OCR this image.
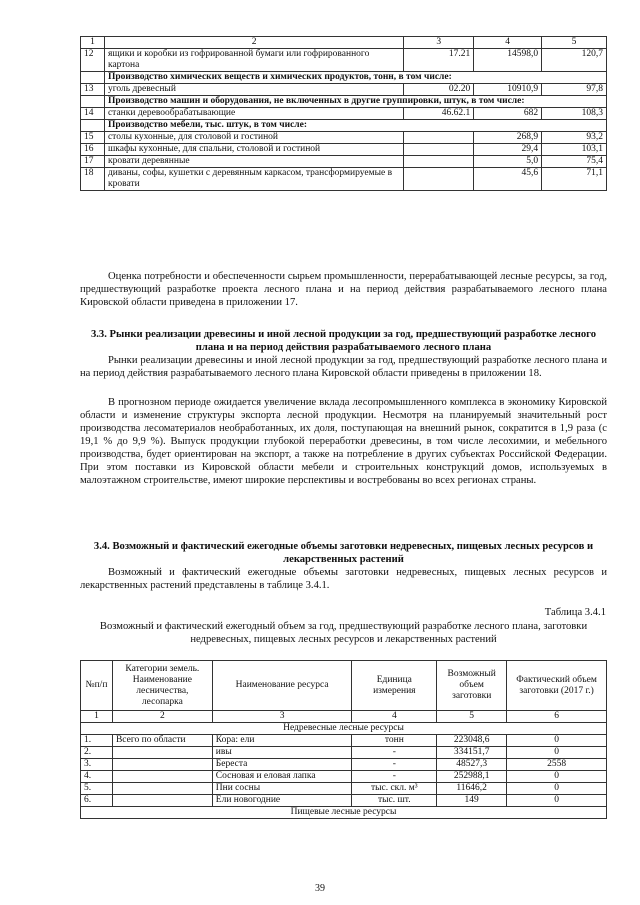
1	2	3	4	5
12	ящики и коробки из гофрированной бумаги или гофрированного картона	17.21	14598,0	120,7
	Производство химических веществ и химических продуктов, тонн, в том числе:			
13	уголь древесный	02.20	10910,9	97,8
	Производство машин и оборудования, не включенных в другие группировки, штук, в том числе:			
14	станки деревообрабатывающие	46.62.1	682	108,3
	Производство мебели, тыс. штук, в том числе:			
15	столы кухонные, для столовой и гостиной		268,9	93,2
16	шкафы кухонные, для спальни, столовой и гостиной		29,4	103,1
17	кровати деревянные		5,0	75,4
18	диваны, софы, кушетки с деревянным каркасом, трансформируемые в кровати		45,6	71,1
Оценка потребности и обеспеченности сырьем промышленности, перерабатывающей лесные ресурсы, за год, предшествующий разработке проекта лесного плана и на период действия разрабатываемого лесного плана Кировской области приведена в приложении 17.
3.3. Рынки реализации древесины и иной лесной продукции за год, предшествующий разработке лесного плана и на период действия разрабатываемого лесного плана
Рынки реализации древесины и иной лесной продукции за год, предшествующий разработке лесного плана и на период действия разрабатываемого лесного плана Кировской области приведены в приложении 18.
В прогнозном периоде ожидается увеличение вклада лесопромышленного комплекса в экономику Кировской области и изменение структуры экспорта лесной продукции. Несмотря на планируемый значительный рост производства лесоматериалов необработанных, их доля, поступающая на внешний рынок, сократится в 1,9 раза (с 19,1 % до 9,9 %). Выпуск продукции глубокой переработки древесины, в том числе лесохимии, и мебельного производства, будет ориентирован на экспорт, а также на потребление в других субъектах Российской Федерации. При этом поставки из Кировской области мебели и строительных конструкций домов, используемых в малоэтажном строительстве, имеют широкие перспективы и востребованы во всех регионах страны.
3.4. Возможный и фактический ежегодные объемы заготовки недревесных, пищевых лесных ресурсов и лекарственных растений
Возможный и фактический ежегодные объемы заготовки недревесных, пищевых лесных ресурсов и лекарственных растений представлены в таблице 3.4.1.
Таблица 3.4.1
Возможный и фактический ежегодный объем за год, предшествующий разработке лесного плана, заготовки недревесных, пищевых лесных ресурсов и лекарственных растений
№п/п	Категории земель. Наименование лесничества, лесопарка	Наименование ресурса	Единица измерения	Возможный объем заготовки	Фактический объем заготовки (2017 г.)
1	2	3	4	5	6
Недревесные лесные ресурсы					
1.	Всего по области	Кора: ели	тонн	223048,6	0
2.		ивы	-	334151,7	0
3.		Береста	-	48527,3	2558
4.		Сосновая и еловая лапка	-	252988,1	0
5.		Пни сосны	тыс. скл. м³	11646,2	0
6.		Ели новогодние	тыс. шт.	149	0
Пищевые лесные ресурсы					
39
